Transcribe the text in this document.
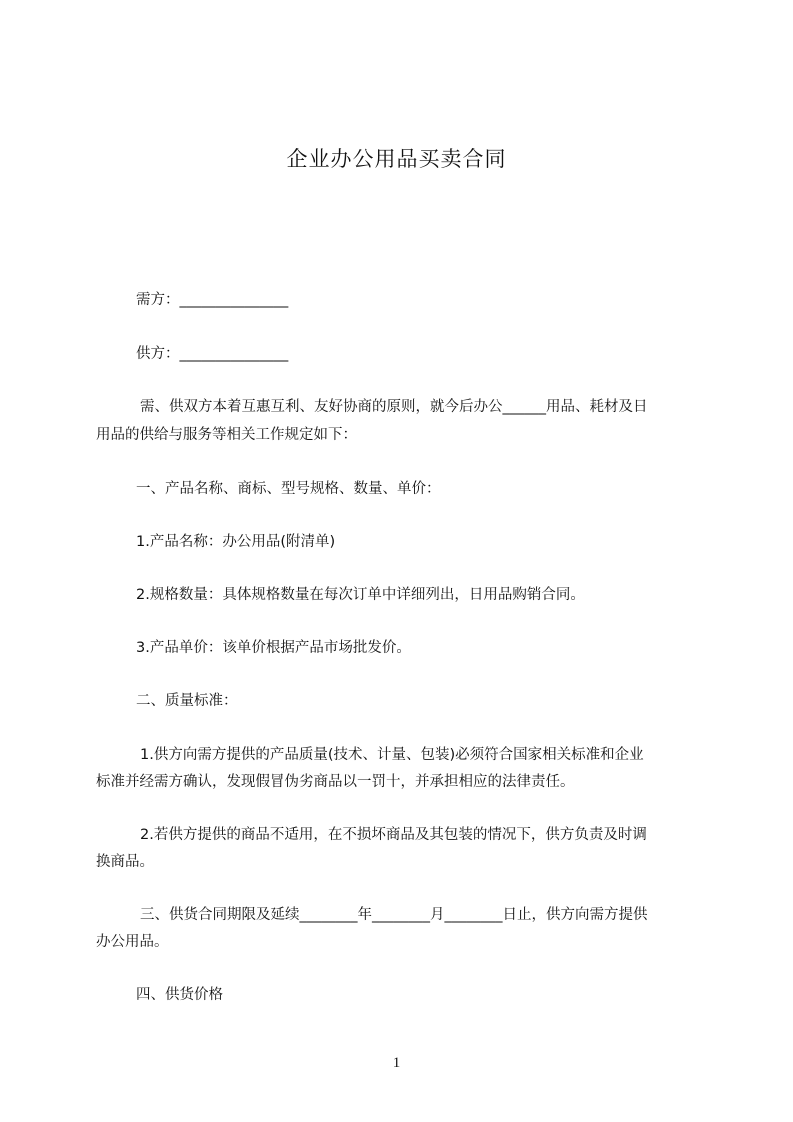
企业办公用品买卖合同
需方：_______________
供方：_______________
需、供双方本着互惠互利、友好协商的原则，就今后办公______用品、耗材及日
用品的供给与服务等相关工作规定如下：
一、产品名称、商标、型号规格、数量、单价：
1.产品名称：办公用品(附清单)
2.规格数量：具体规格数量在每次订单中详细列出，日用品购销合同。
3.产品单价：该单价根据产品市场批发价。
二、质量标准：
1.供方向需方提供的产品质量(技术、计量、包装)必须符合国家相关标准和企业
标准并经需方确认，发现假冒伪劣商品以一罚十，并承担相应的法律责任。
2.若供方提供的商品不适用，在不损坏商品及其包装的情况下，供方负责及时调
换商品。
三、供货合同期限及延续________年________月________日止，供方向需方提供
办公用品。
四、供货价格
1
